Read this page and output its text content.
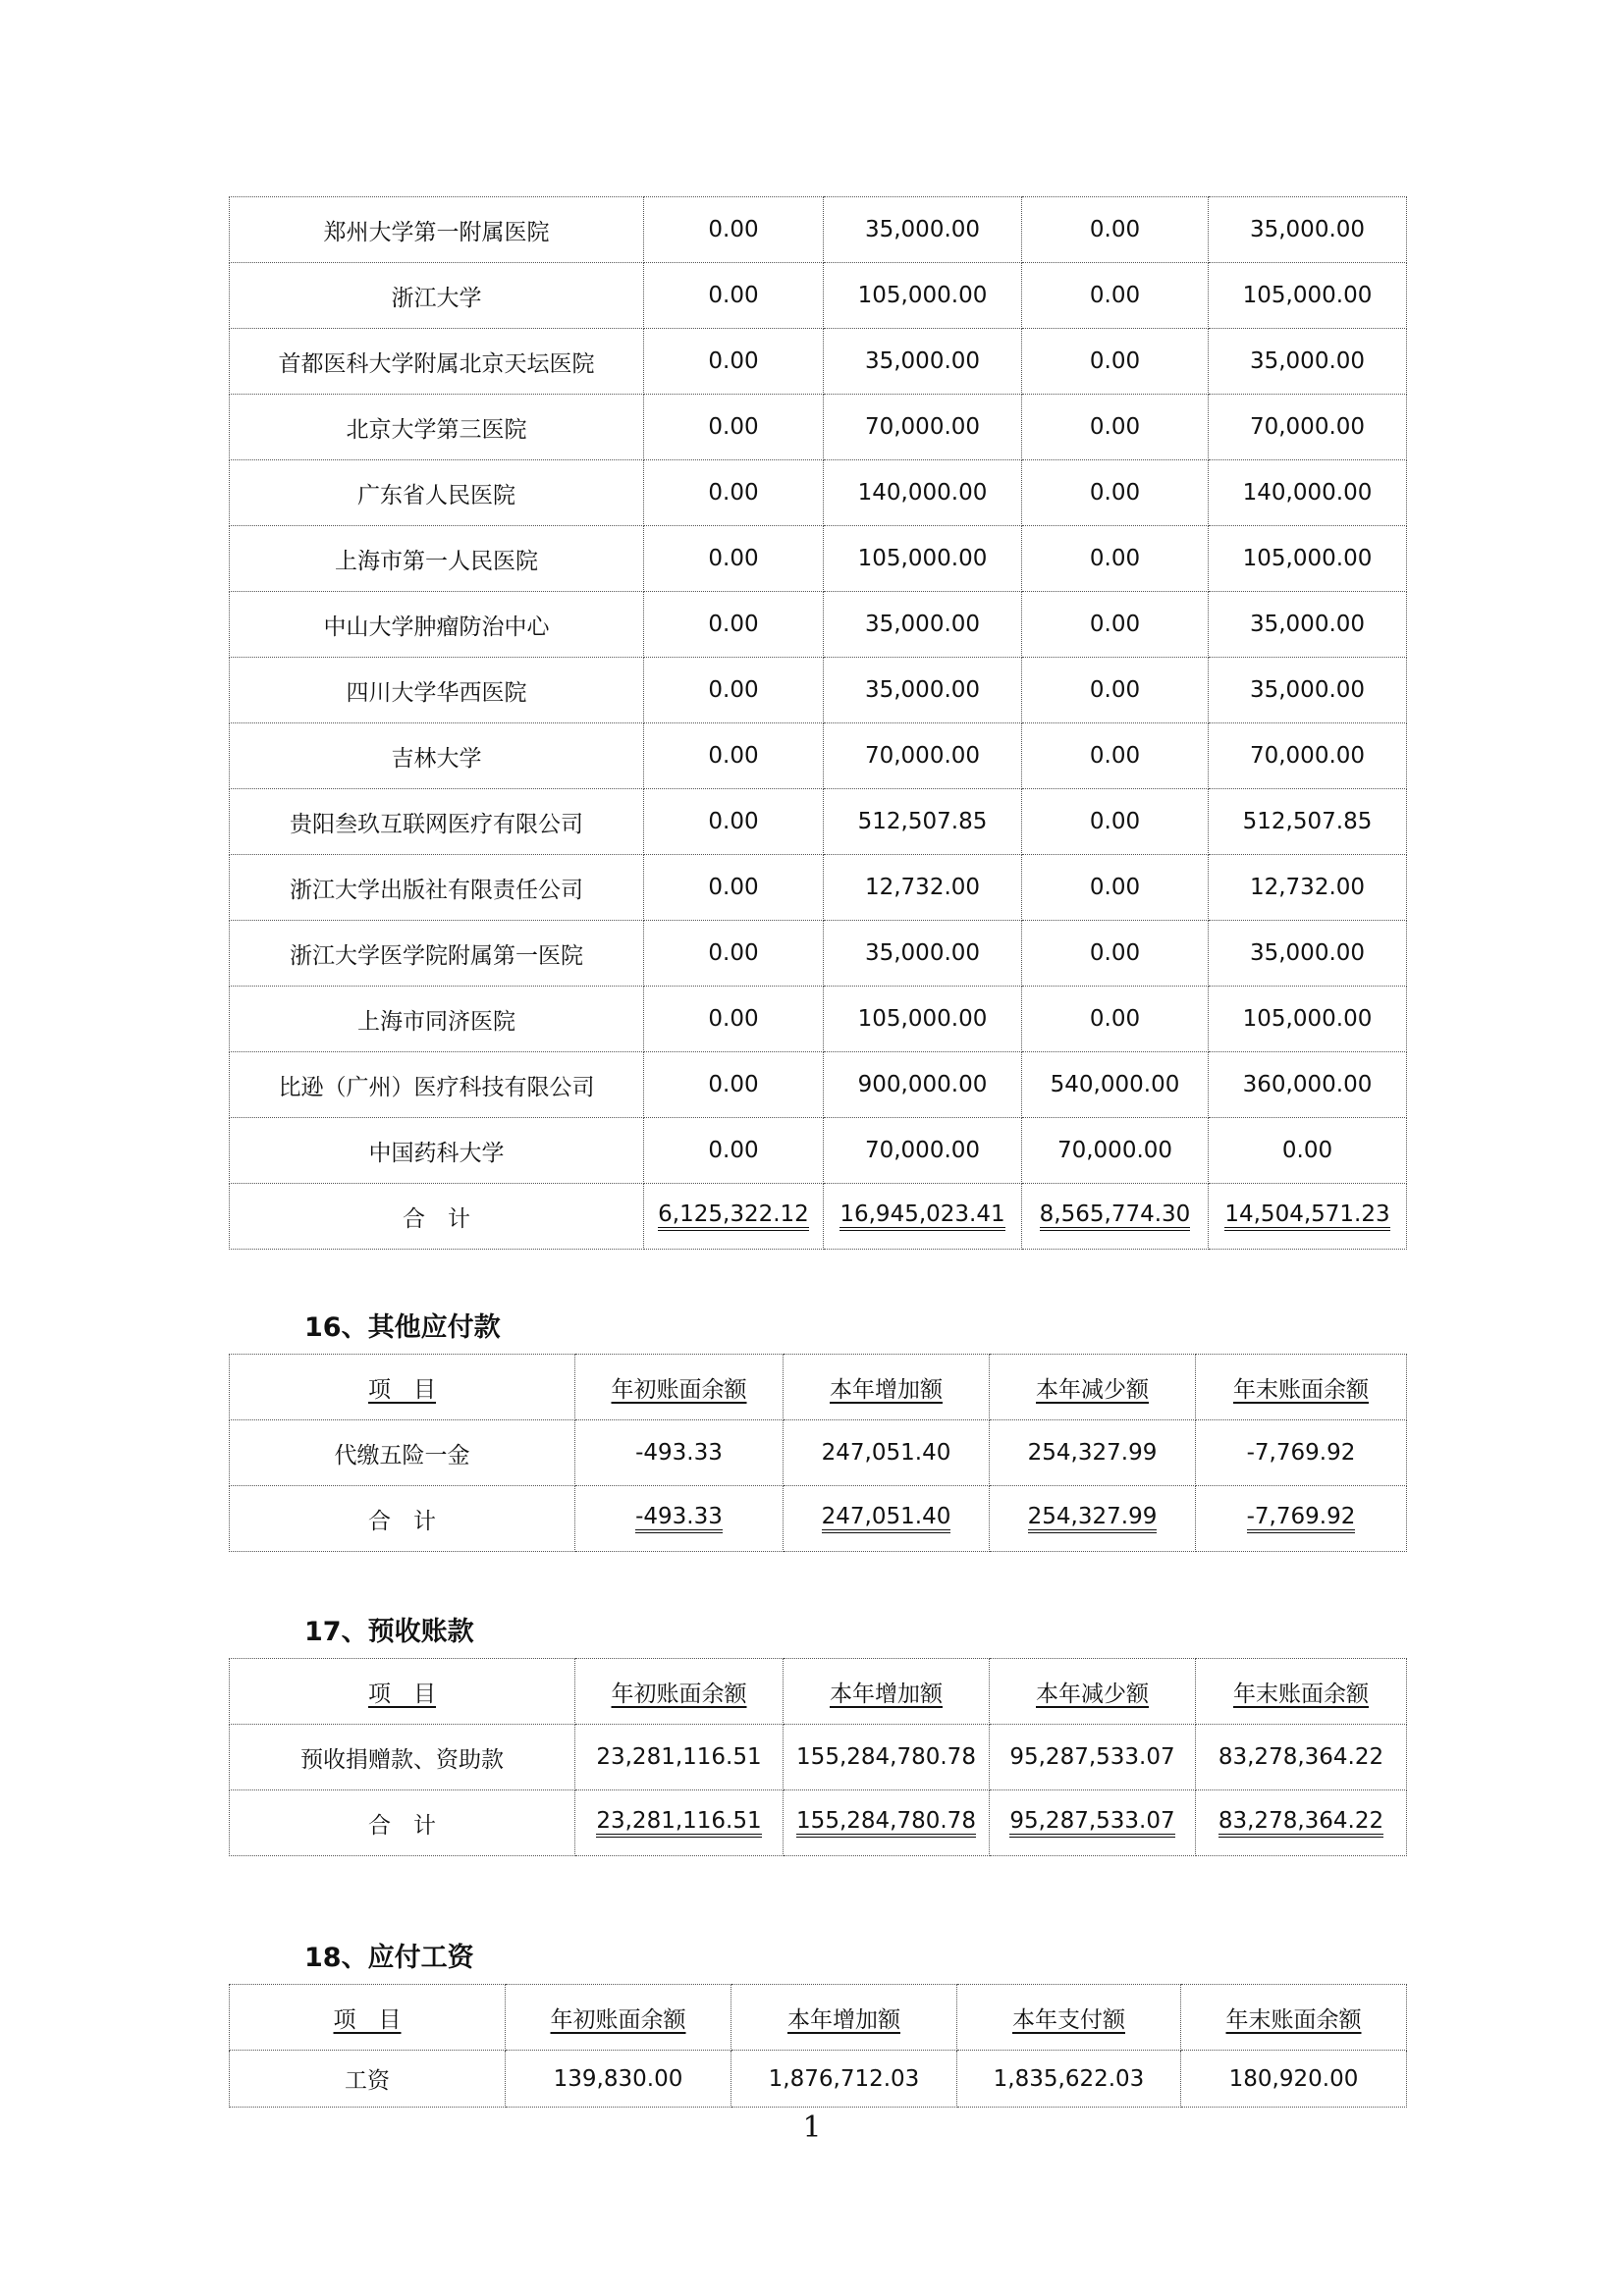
郑州大学第一附属医院	0.00	35,000.00	0.00	35,000.00
浙江大学	0.00	105,000.00	0.00	105,000.00
首都医科大学附属北京天坛医院	0.00	35,000.00	0.00	35,000.00
北京大学第三医院	0.00	70,000.00	0.00	70,000.00
广东省人民医院	0.00	140,000.00	0.00	140,000.00
上海市第一人民医院	0.00	105,000.00	0.00	105,000.00
中山大学肿瘤防治中心	0.00	35,000.00	0.00	35,000.00
四川大学华西医院	0.00	35,000.00	0.00	35,000.00
吉林大学	0.00	70,000.00	0.00	70,000.00
贵阳叁玖互联网医疗有限公司	0.00	512,507.85	0.00	512,507.85
浙江大学出版社有限责任公司	0.00	12,732.00	0.00	12,732.00
浙江大学医学院附属第一医院	0.00	35,000.00	0.00	35,000.00
上海市同济医院	0.00	105,000.00	0.00	105,000.00
比逊（广州）医疗科技有限公司	0.00	900,000.00	540,000.00	360,000.00
中国药科大学	0.00	70,000.00	70,000.00	0.00
合　计	6,125,322.12	16,945,023.41	8,565,774.30	14,504,571.23
16、其他应付款
项　目	年初账面余额	本年增加额	本年减少额	年末账面余额
代缴五险一金	-493.33	247,051.40	254,327.99	-7,769.92
合　计	-493.33	247,051.40	254,327.99	-7,769.92
17、预收账款
项　目	年初账面余额	本年增加额	本年减少额	年末账面余额
预收捐赠款、资助款	23,281,116.51	155,284,780.78	95,287,533.07	83,278,364.22
合　计	23,281,116.51	155,284,780.78	95,287,533.07	83,278,364.22
18、应付工资
项　目	年初账面余额	本年增加额	本年支付额	年末账面余额
工资	139,830.00	1,876,712.03	1,835,622.03	180,920.00
1
